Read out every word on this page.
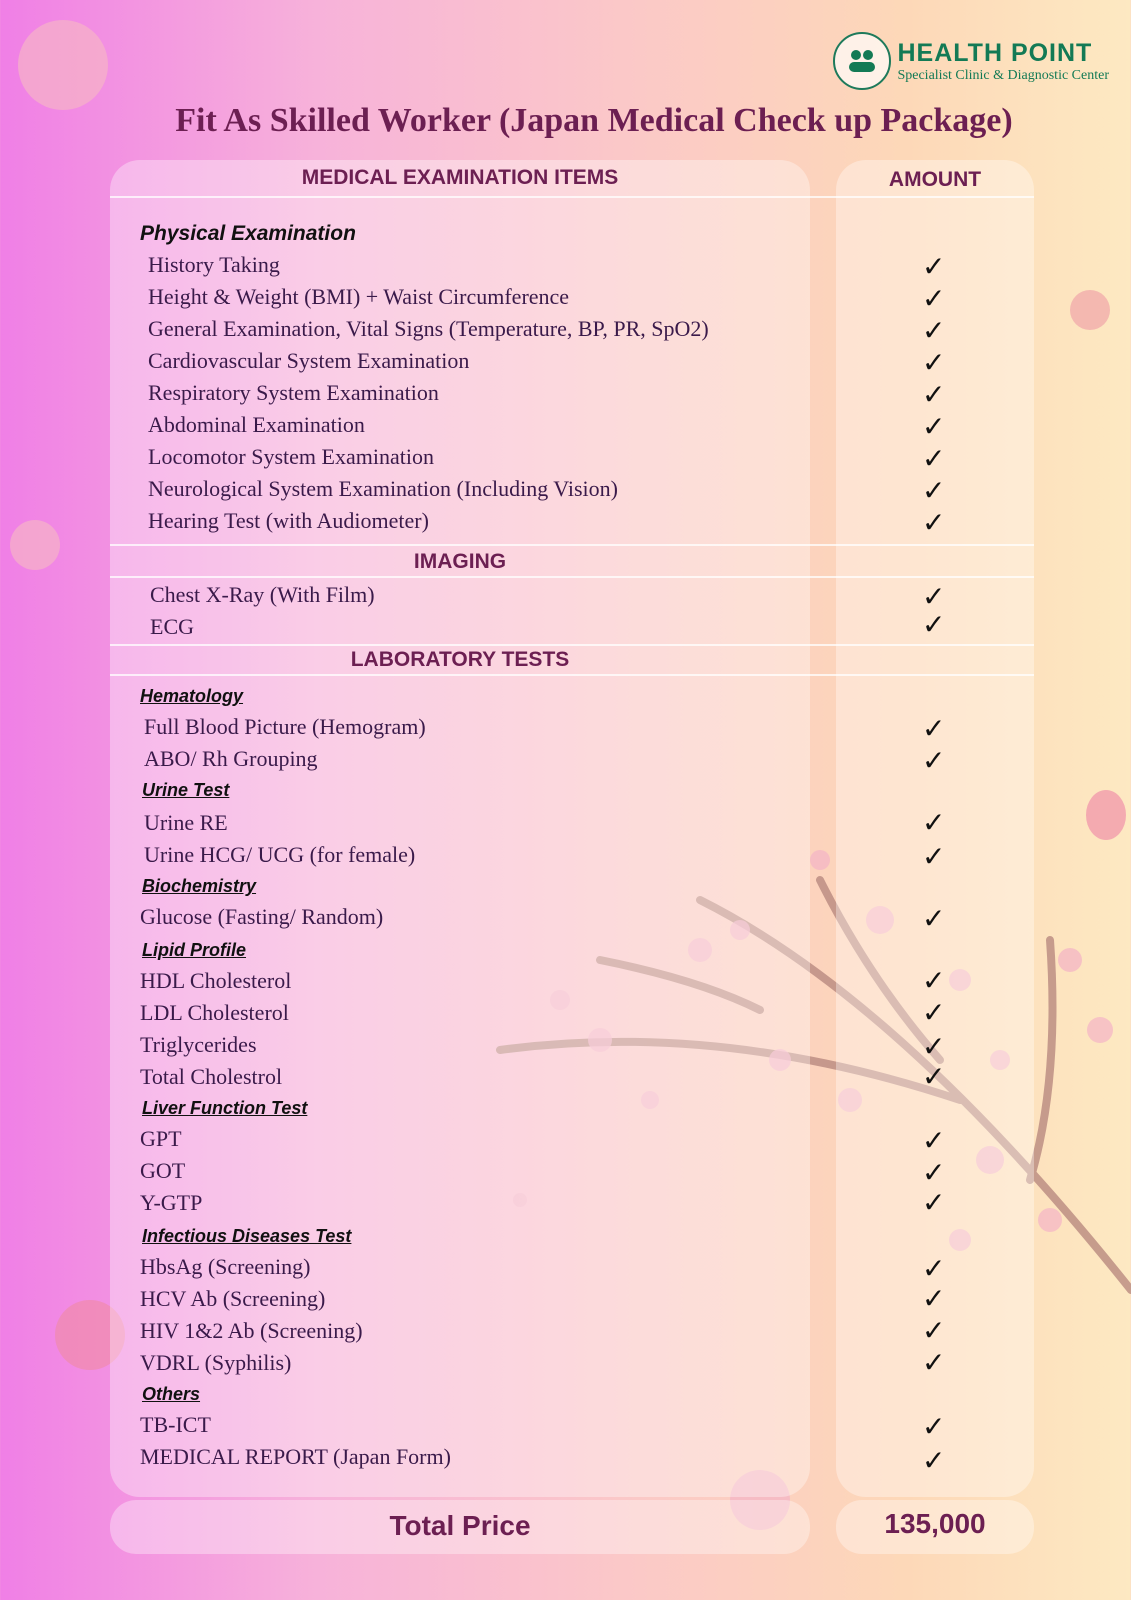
HEALTH POINT
Specialist Clinic & Diagnostic Center
Fit As Skilled Worker (Japan Medical Check up Package)
MEDICAL EXAMINATION ITEMS	AMOUNT
Physical Examination
History Taking
Height & Weight (BMI) + Waist Circumference
General Examination, Vital Signs (Temperature, BP, PR, SpO2)
Cardiovascular System Examination
Respiratory System Examination
Abdominal Examination
Locomotor System Examination
Neurological System Examination (Including Vision)
Hearing Test (with Audiometer)
IMAGING
Chest X-Ray (With Film)
ECG
LABORATORY TESTS
Hematology
Full Blood Picture (Hemogram)
ABO/ Rh Grouping
Urine Test
Urine RE
Urine HCG/ UCG (for female)
Biochemistry
Glucose (Fasting/ Random)
Lipid Profile
HDL Cholesterol
LDL Cholesterol
Triglycerides
Total Cholestrol
Liver Function Test
GPT
GOT
Y-GTP
Infectious Diseases Test
HbsAg (Screening)
HCV Ab (Screening)
HIV 1&2 Ab (Screening)
VDRL (Syphilis)
Others
TB-ICT
MEDICAL REPORT (Japan Form)
✓
✓
✓
✓
✓
✓
✓
✓
✓
✓
✓
✓
✓
✓
✓
✓
✓
✓
✓
✓
✓
✓
✓
✓
✓
✓
✓
✓
✓
Total Price	135,000
